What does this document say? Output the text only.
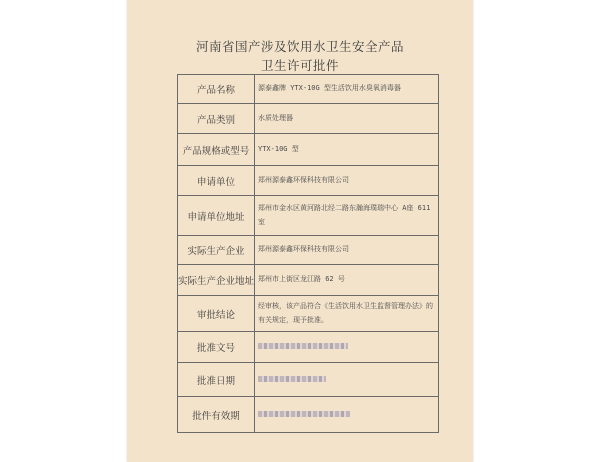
河南省国产涉及饮用水卫生安全产品
卫生许可批件
产品名称	源泰鑫牌 YTX-10G 型生活饮用水臭氧消毒器
产品类别	水质处理器
产品规格或型号	YTX-10G 型
申请单位	郑州源泰鑫环保科技有限公司
申请单位地址	郑州市金水区黄河路北经二路东瀚海璞瑞中心 A座 611 室
实际生产企业	郑州源泰鑫环保科技有限公司
实际生产企业地址	郑州市上街区龙江路 62 号
审批结论	经审核，该产品符合《生活饮用水卫生监督管理办法》的有关规定，现予批准。
批准文号	
批准日期	
批件有效期	
